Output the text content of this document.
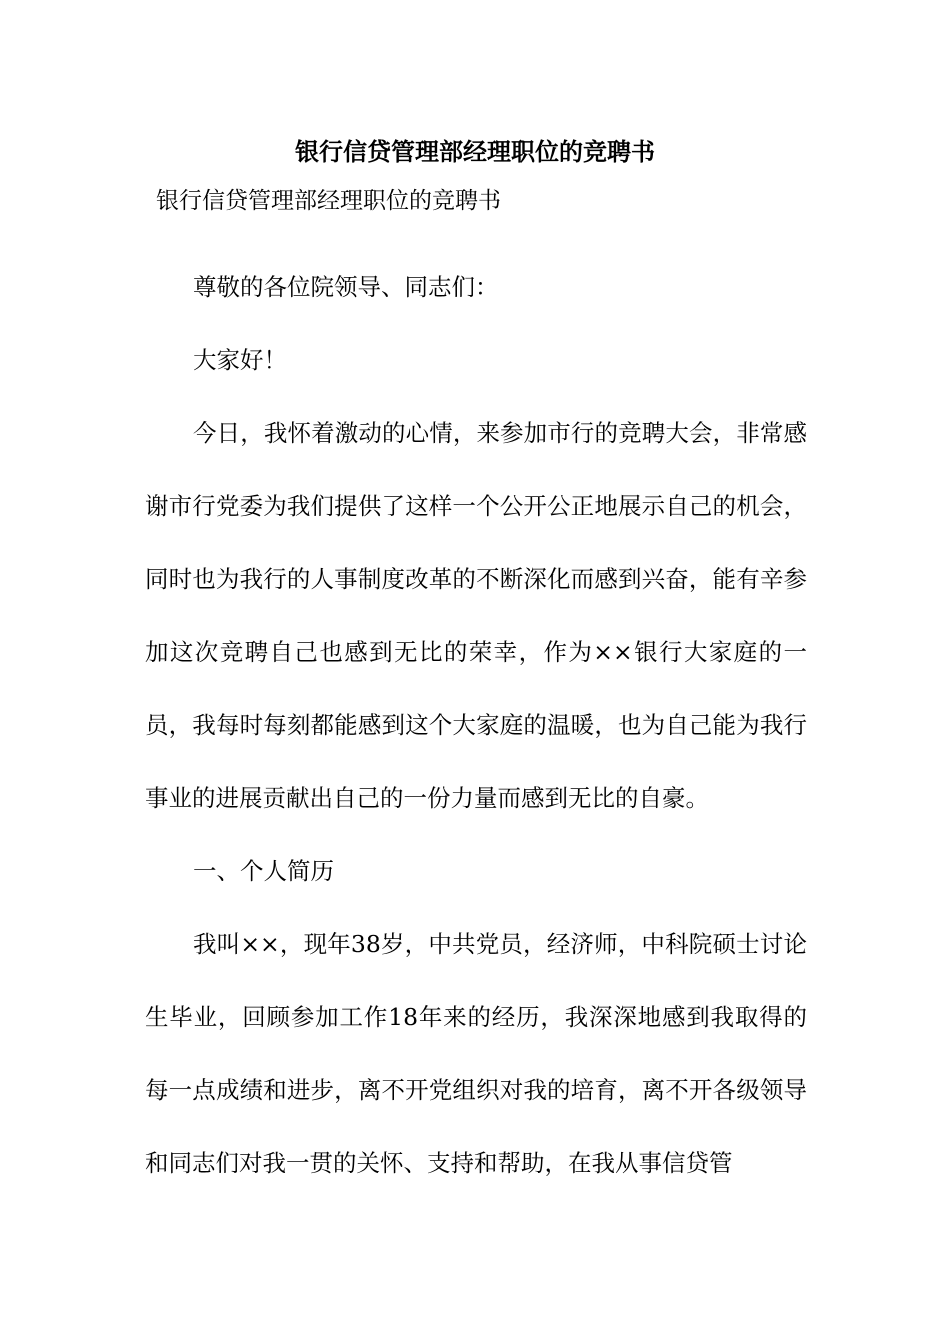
银行信贷管理部经理职位的竞聘书

银行信贷管理部经理职位的竞聘书

尊敬的各位院领导、同志们：

大家好！

今日，我怀着激动的心情，来参加市行的竞聘大会，非常感谢市行党委为我们提供了这样一个公开公正地展示自己的机会，同时也为我行的人事制度改革的不断深化而感到兴奋，能有辛参加这次竞聘自己也感到无比的荣幸，作为××银行大家庭的一员，我每时每刻都能感到这个大家庭的温暖，也为自己能为我行事业的进展贡献出自己的一份力量而感到无比的自豪。

一、个人简历

我叫××，现年38岁，中共党员，经济师，中科院硕士讨论生毕业，回顾参加工作18年来的经历，我深深地感到我取得的每一点成绩和进步，离不开党组织对我的培育，离不开各级领导和同志们对我一贯的关怀、支持和帮助，在我从事信贷管
